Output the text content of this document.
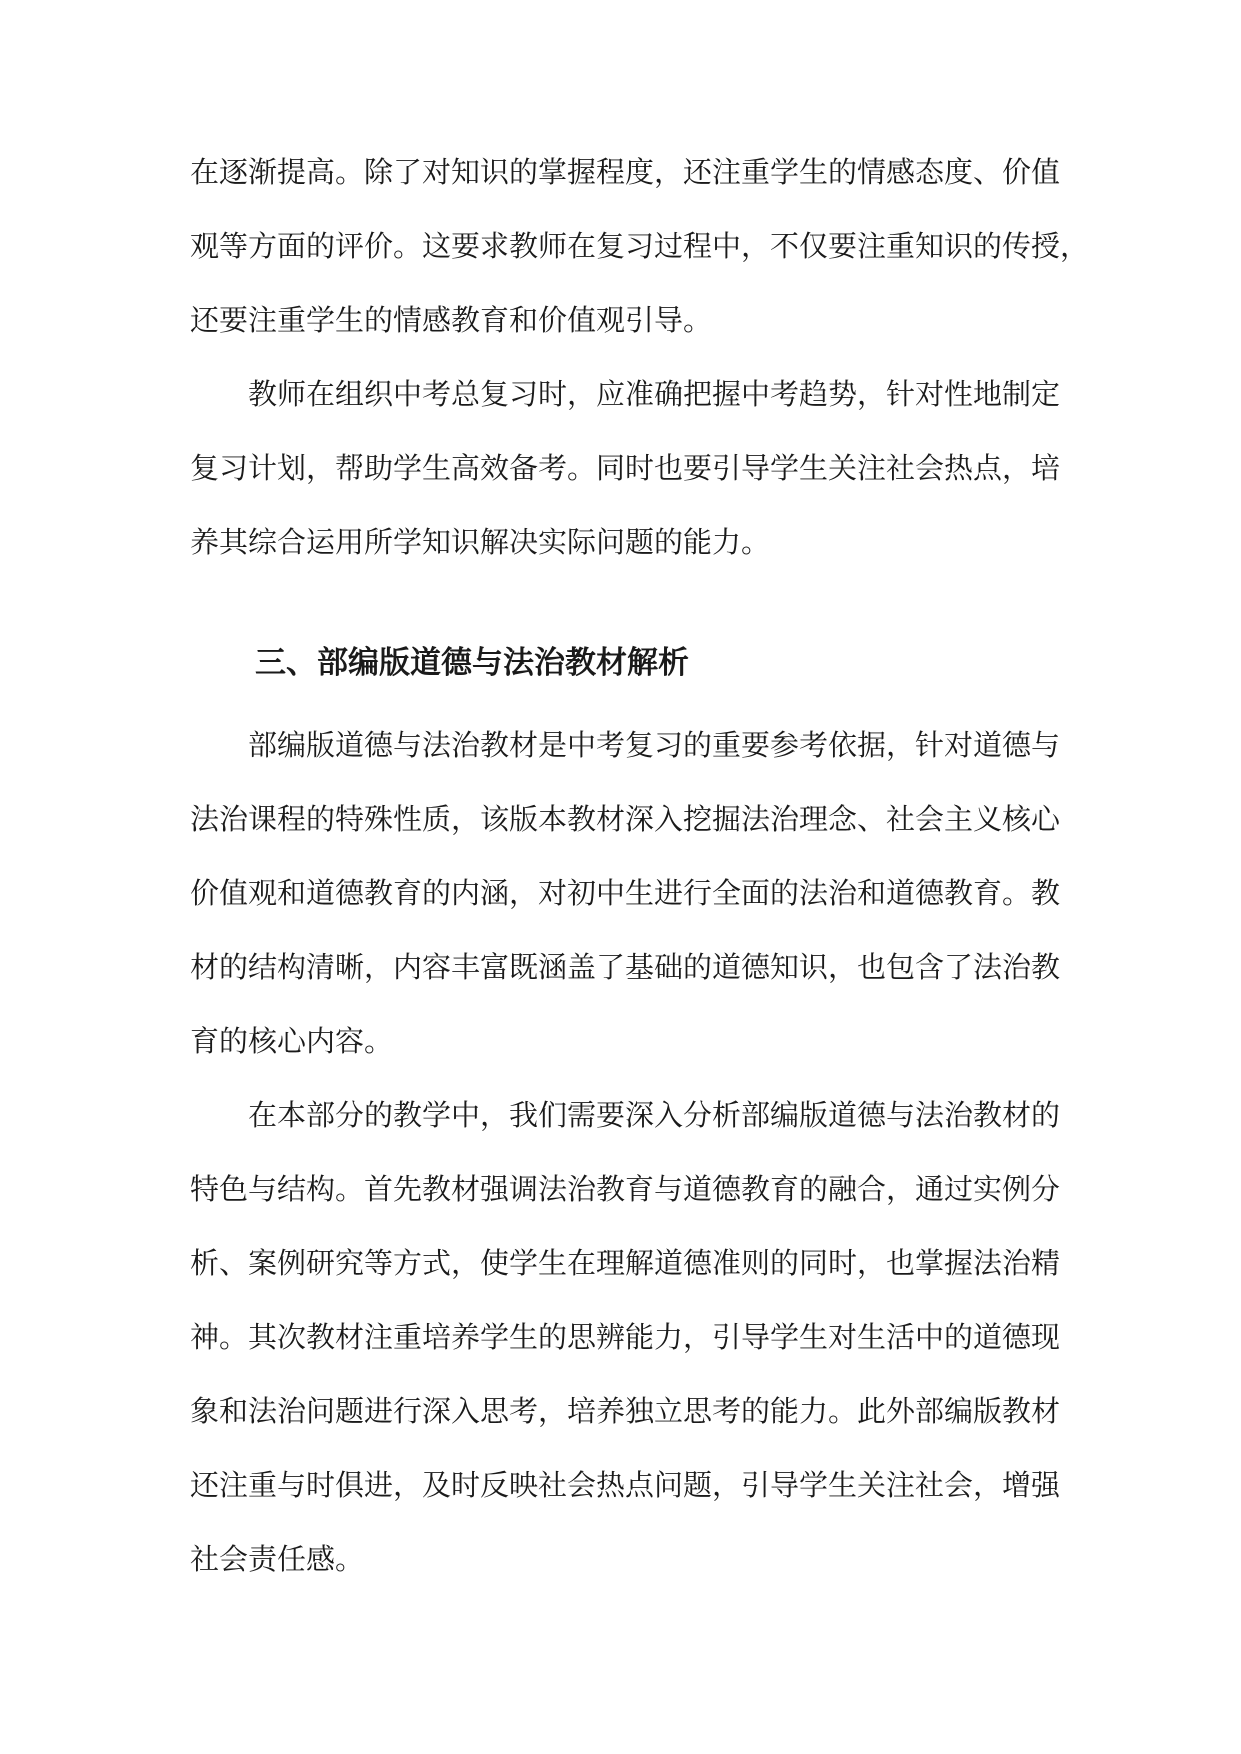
在逐渐提高。除了对知识的掌握程度，还注重学生的情感态度、价值
观等方面的评价。这要求教师在复习过程中，不仅要注重知识的传授，
还要注重学生的情感教育和价值观引导。
教师在组织中考总复习时，应准确把握中考趋势，针对性地制定
复习计划，帮助学生高效备考。同时也要引导学生关注社会热点，培
养其综合运用所学知识解决实际问题的能力。
三、部编版道德与法治教材解析
部编版道德与法治教材是中考复习的重要参考依据，针对道德与
法治课程的特殊性质，该版本教材深入挖掘法治理念、社会主义核心
价值观和道德教育的内涵，对初中生进行全面的法治和道德教育。教
材的结构清晰，内容丰富既涵盖了基础的道德知识，也包含了法治教
育的核心内容。
在本部分的教学中，我们需要深入分析部编版道德与法治教材的
特色与结构。首先教材强调法治教育与道德教育的融合，通过实例分
析、案例研究等方式，使学生在理解道德准则的同时，也掌握法治精
神。其次教材注重培养学生的思辨能力，引导学生对生活中的道德现
象和法治问题进行深入思考，培养独立思考的能力。此外部编版教材
还注重与时俱进，及时反映社会热点问题，引导学生关注社会，增强
社会责任感。
